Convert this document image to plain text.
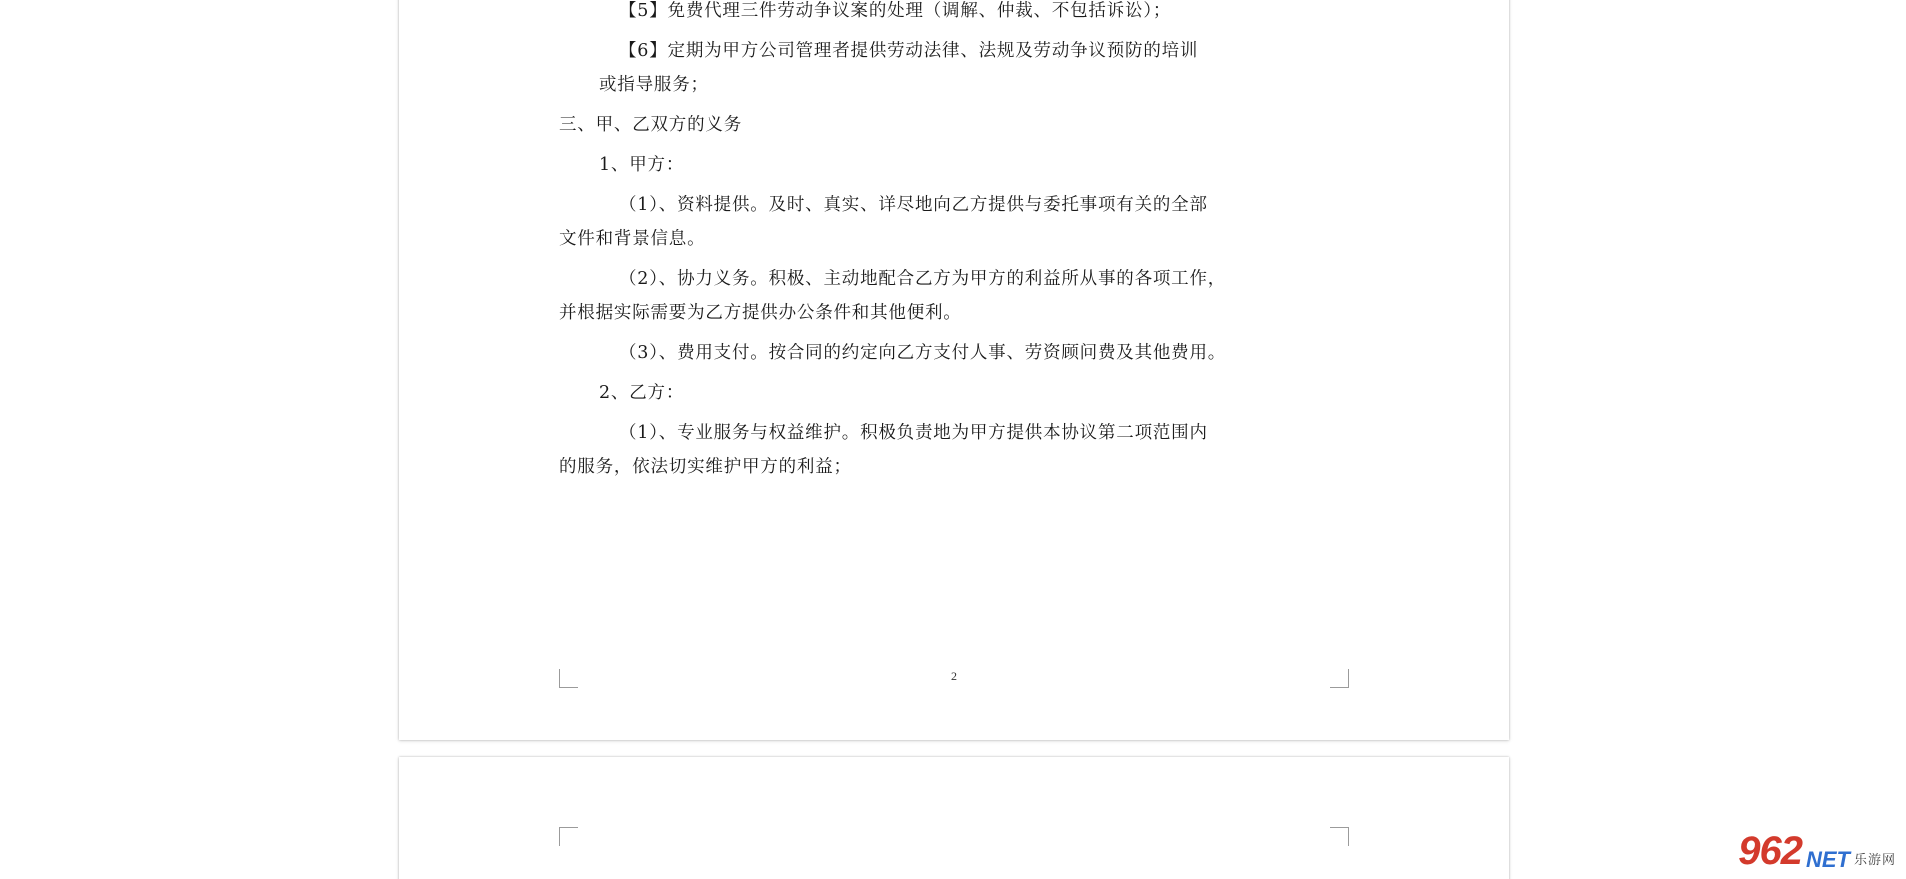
【5】免费代理三件劳动争议案的处理（调解、仲裁、不包括诉讼）；

【6】定期为甲方公司管理者提供劳动法律、法规及劳动争议预防的培训

或指导服务；

三、甲、乙双方的义务

1、甲方：

（1）、资料提供。及时、真实、详尽地向乙方提供与委托事项有关的全部

文件和背景信息。

（2）、协力义务。积极、主动地配合乙方为甲方的利益所从事的各项工作，

并根据实际需要为乙方提供办公条件和其他便利。

（3）、费用支付。按合同的约定向乙方支付人事、劳资顾问费及其他费用。

2、乙方：

（1）、专业服务与权益维护。积极负责地为甲方提供本协议第二项范围内

的服务，依法切实维护甲方的利益；

2
962 NET 乐游网
